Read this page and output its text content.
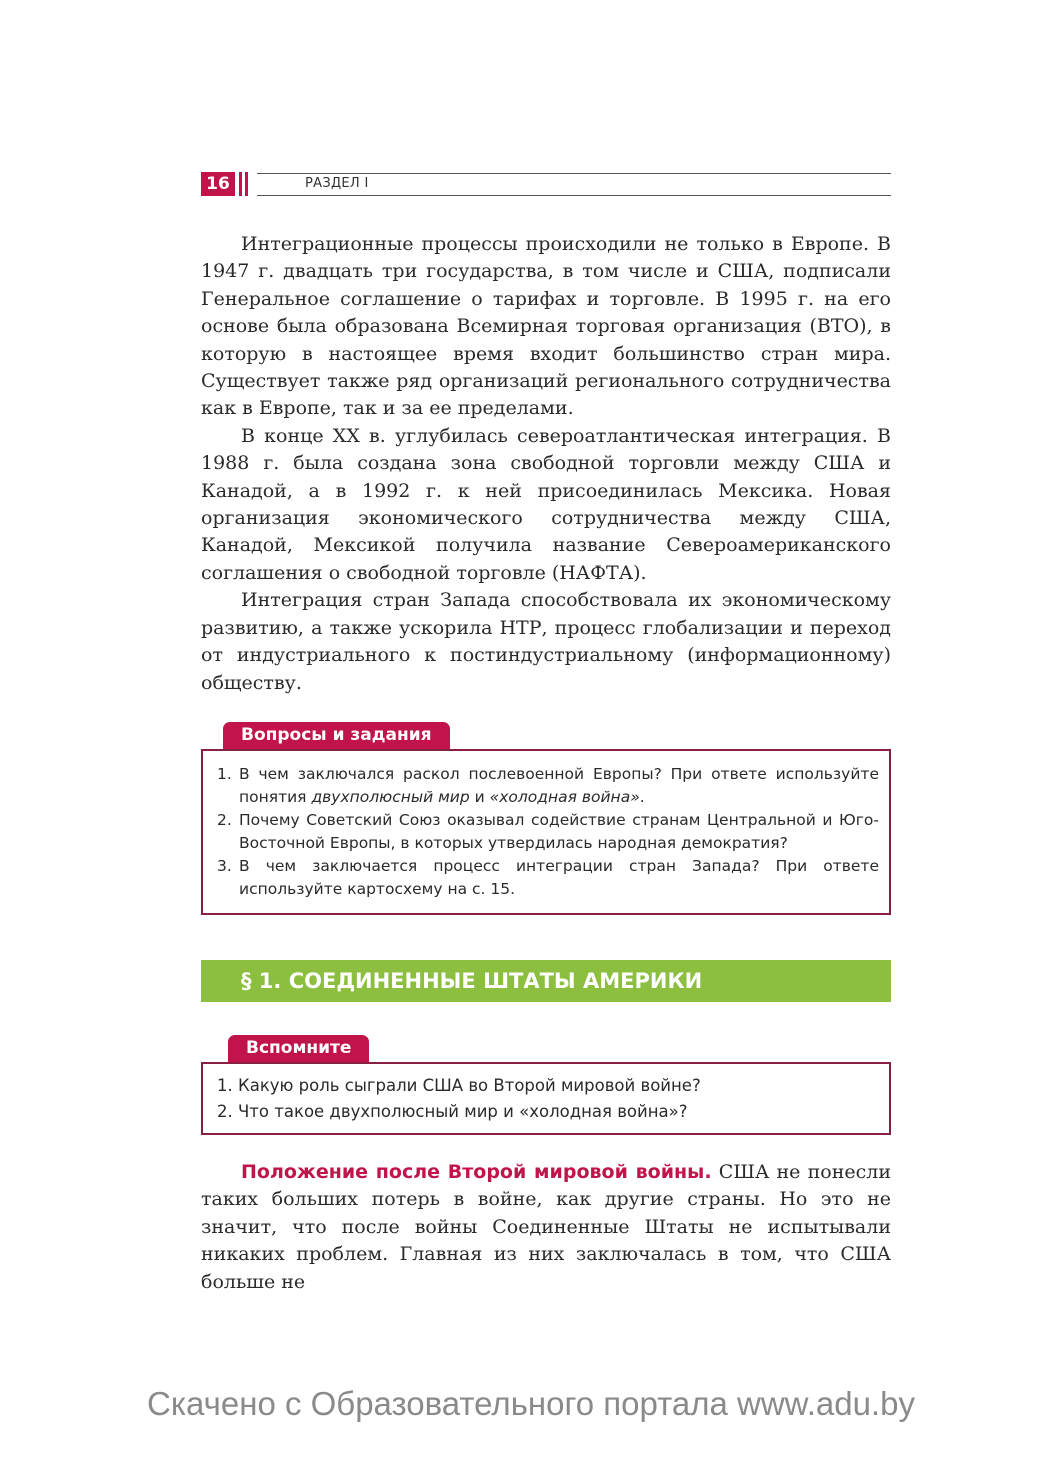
16	РАЗДЕЛ I

Интеграционные процессы происходили не только в Европе. В 1947 г. двадцать три государства, в том числе и США, подписали Генеральное соглашение о тарифах и торговле. В 1995 г. на его основе была образована Всемирная торговая организация (ВТО), в которую в настоящее время входит большинство стран мира. Существует также ряд организаций регионального сотрудничества как в Европе, так и за ее пределами.

В конце XX в. углубилась североатлантическая интеграция. В 1988 г. была создана зона свободной торговли между США и Канадой, а в 1992 г. к ней присоединилась Мексика. Новая организация экономического сотрудничества между США, Канадой, Мексикой получила название Североамериканского соглашения о свободной торговле (НАФТА).

Интеграция стран Запада способствовала их экономическому развитию, а также ускорила НТР, процесс глобализации и переход от индустриального к постиндустриальному (информационному) обществу.

Вопросы и задания
1. В чем заключался раскол послевоенной Европы? При ответе используйте понятия двухполюсный мир и «холодная война».
2. Почему Советский Союз оказывал содействие странам Центральной и Юго-Восточной Европы, в которых утвердилась народная демократия?
3. В чем заключается процесс интеграции стран Запада? При ответе используйте картосхему на с. 15.
§ 1. СОЕДИНЕННЫЕ ШТАТЫ АМЕРИКИ
Вспомните
1. Какую роль сыграли США во Второй мировой войне?
2. Что такое двухполюсный мир и «холодная война»?

Положение после Второй мировой войны. США не понесли таких больших потерь в войне, как другие страны. Но это не значит, что после войны Соединенные Штаты не испытывали никаких проблем. Главная из них заключалась в том, что США больше не

Скачено с Образовательного портала www.adu.by
